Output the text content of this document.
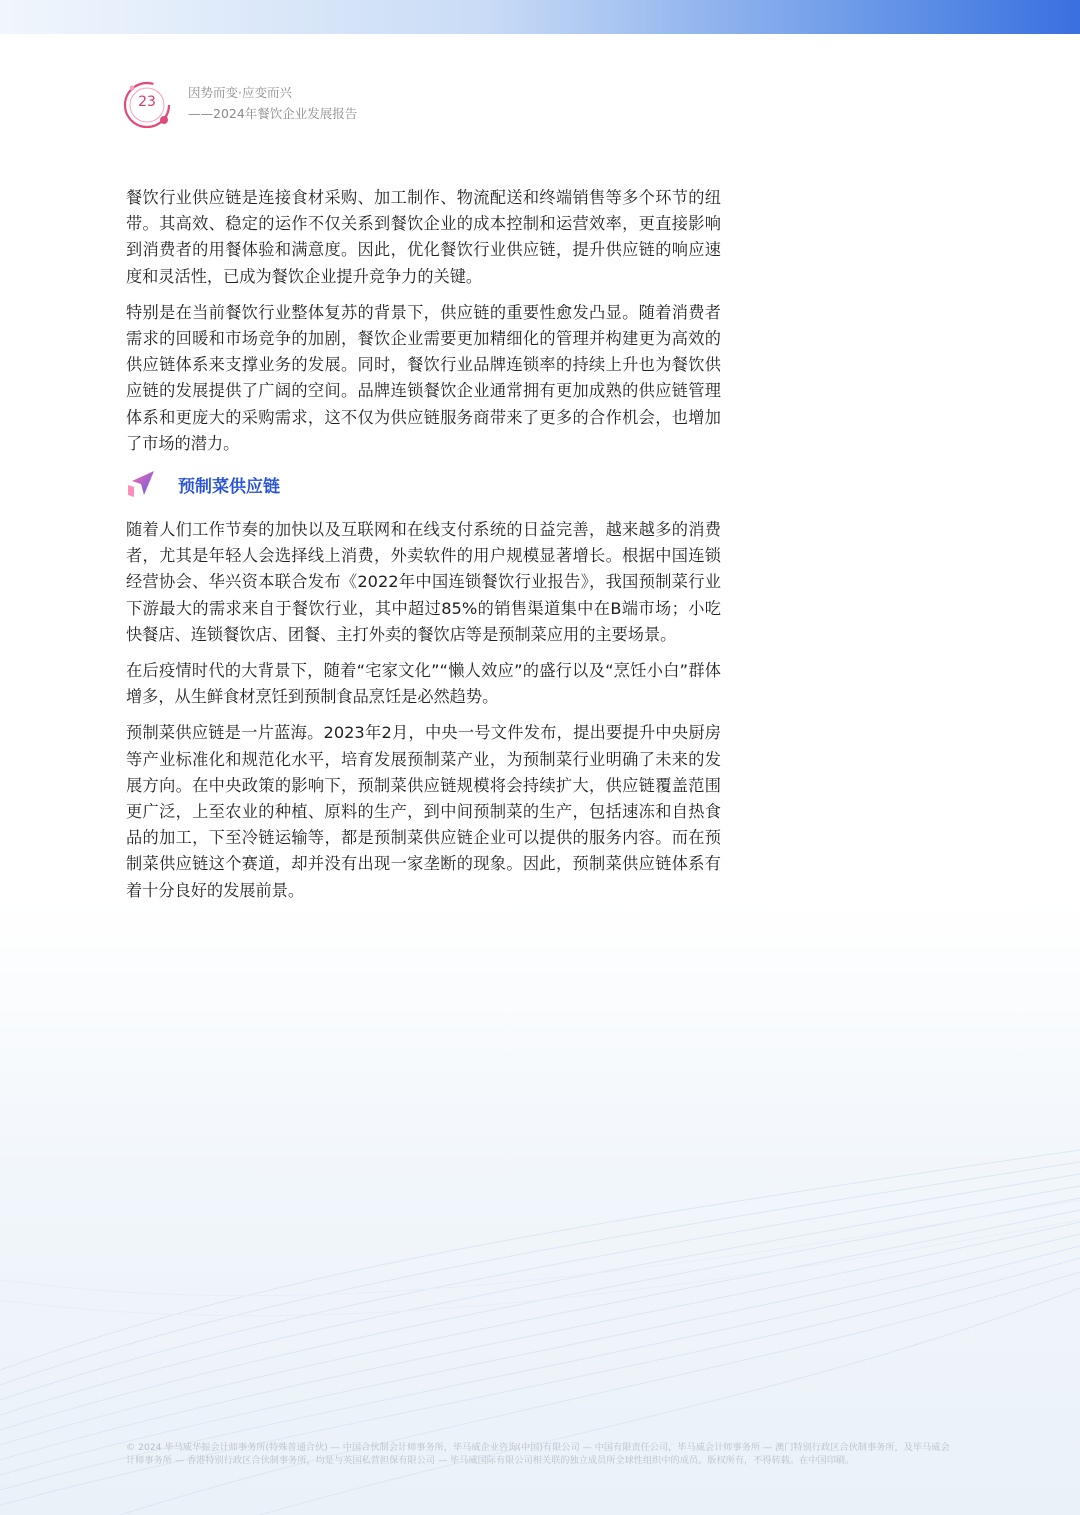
23
因势而变·应变而兴
——2024年餐饮企业发展报告

餐饮行业供应链是连接食材采购、加工制作、物流配送和终端销售等多个环节的纽带。其高效、稳定的运作不仅关系到餐饮企业的成本控制和运营效率，更直接影响到消费者的用餐体验和满意度。因此，优化餐饮行业供应链，提升供应链的响应速度和灵活性，已成为餐饮企业提升竞争力的关键。

特别是在当前餐饮行业整体复苏的背景下，供应链的重要性愈发凸显。随着消费者需求的回暖和市场竞争的加剧，餐饮企业需要更加精细化的管理并构建更为高效的供应链体系来支撑业务的发展。同时，餐饮行业品牌连锁率的持续上升也为餐饮供应链的发展提供了广阔的空间。品牌连锁餐饮企业通常拥有更加成熟的供应链管理体系和更庞大的采购需求，这不仅为供应链服务商带来了更多的合作机会，也增加了市场的潜力。

预制菜供应链

随着人们工作节奏的加快以及互联网和在线支付系统的日益完善，越来越多的消费者，尤其是年轻人会选择线上消费，外卖软件的用户规模显著增长。根据中国连锁经营协会、华兴资本联合发布《2022年中国连锁餐饮行业报告》，我国预制菜行业下游最大的需求来自于餐饮行业，其中超过85%的销售渠道集中在B端市场；小吃快餐店、连锁餐饮店、团餐、主打外卖的餐饮店等是预制菜应用的主要场景。

在后疫情时代的大背景下，随着“宅家文化”“懒人效应”的盛行以及“烹饪小白”群体增多，从生鲜食材烹饪到预制食品烹饪是必然趋势。

预制菜供应链是一片蓝海。2023年2月，中央一号文件发布，提出要提升中央厨房等产业标准化和规范化水平，培育发展预制菜产业，为预制菜行业明确了未来的发展方向。在中央政策的影响下，预制菜供应链规模将会持续扩大，供应链覆盖范围更广泛，上至农业的种植、原料的生产，到中间预制菜的生产，包括速冻和自热食品的加工，下至冷链运输等，都是预制菜供应链企业可以提供的服务内容。而在预制菜供应链这个赛道，却并没有出现一家垄断的现象。因此，预制菜供应链体系有着十分良好的发展前景。

© 2024 毕马威华振会计师事务所(特殊普通合伙) — 中国合伙制会计师事务所，毕马威企业咨询(中国)有限公司 — 中国有限责任公司，毕马威会计师事务所 — 澳门特别行政区合伙制事务所，及毕马威会计师事务所 — 香港特别行政区合伙制事务所，均是与英国私营担保有限公司 — 毕马威国际有限公司相关联的独立成员所全球性组织中的成员。版权所有，不得转载。在中国印刷。
